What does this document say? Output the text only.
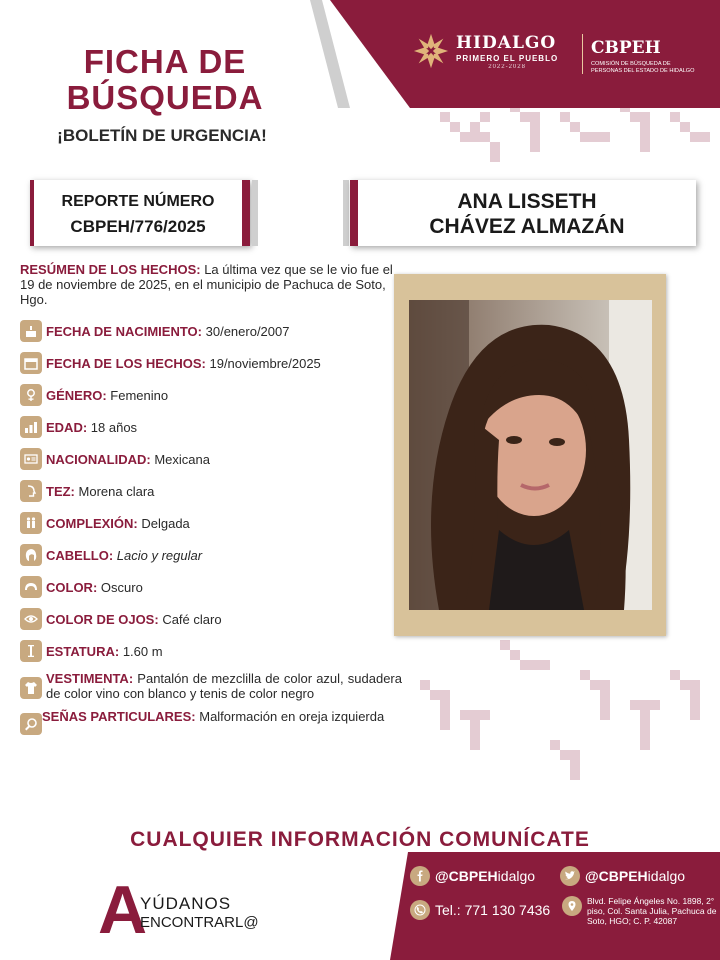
HIDALGO
PRIMERO EL PUEBLO
2022-2028
CBPEH
COMISIÓN DE BÚSQUEDA DE PERSONAS DEL ESTADO DE HIDALGO
FICHA DE
BÚSQUEDA
¡BOLETÍN DE URGENCIA!
REPORTE NÚMERO
CBPEH/776/2025
ANA LISSETH
CHÁVEZ ALMAZÁN
RESÚMEN DE LOS HECHOS: La última vez que se le vio fue el 19 de noviembre de 2025, en el municipio de Pachuca de Soto, Hgo.
FECHA DE NACIMIENTO: 30/enero/2007
FECHA DE LOS HECHOS: 19/noviembre/2025
GÉNERO: Femenino
EDAD: 18 años
NACIONALIDAD: Mexicana
TEZ: Morena clara
COMPLEXIÓN: Delgada
CABELLO: Lacio y regular
COLOR: Oscuro
COLOR DE OJOS: Café claro
ESTATURA: 1.60 m
VESTIMENTA: Pantalón de mezclilla de color azul, sudadera de color vino con blanco y tenis de color negro
SEÑAS PARTICULARES: Malformación en oreja izquierda
CUALQUIER INFORMACIÓN COMUNÍCATE
A
YÚDANOS
ENCONTRARL@
@CBPEHidalgo	@CBPEHidalgo
Tel.: 771 130 7436
Blvd. Felipe Ángeles No. 1898, 2° piso, Col. Santa Julia, Pachuca de Soto, HGO; C. P. 42087
